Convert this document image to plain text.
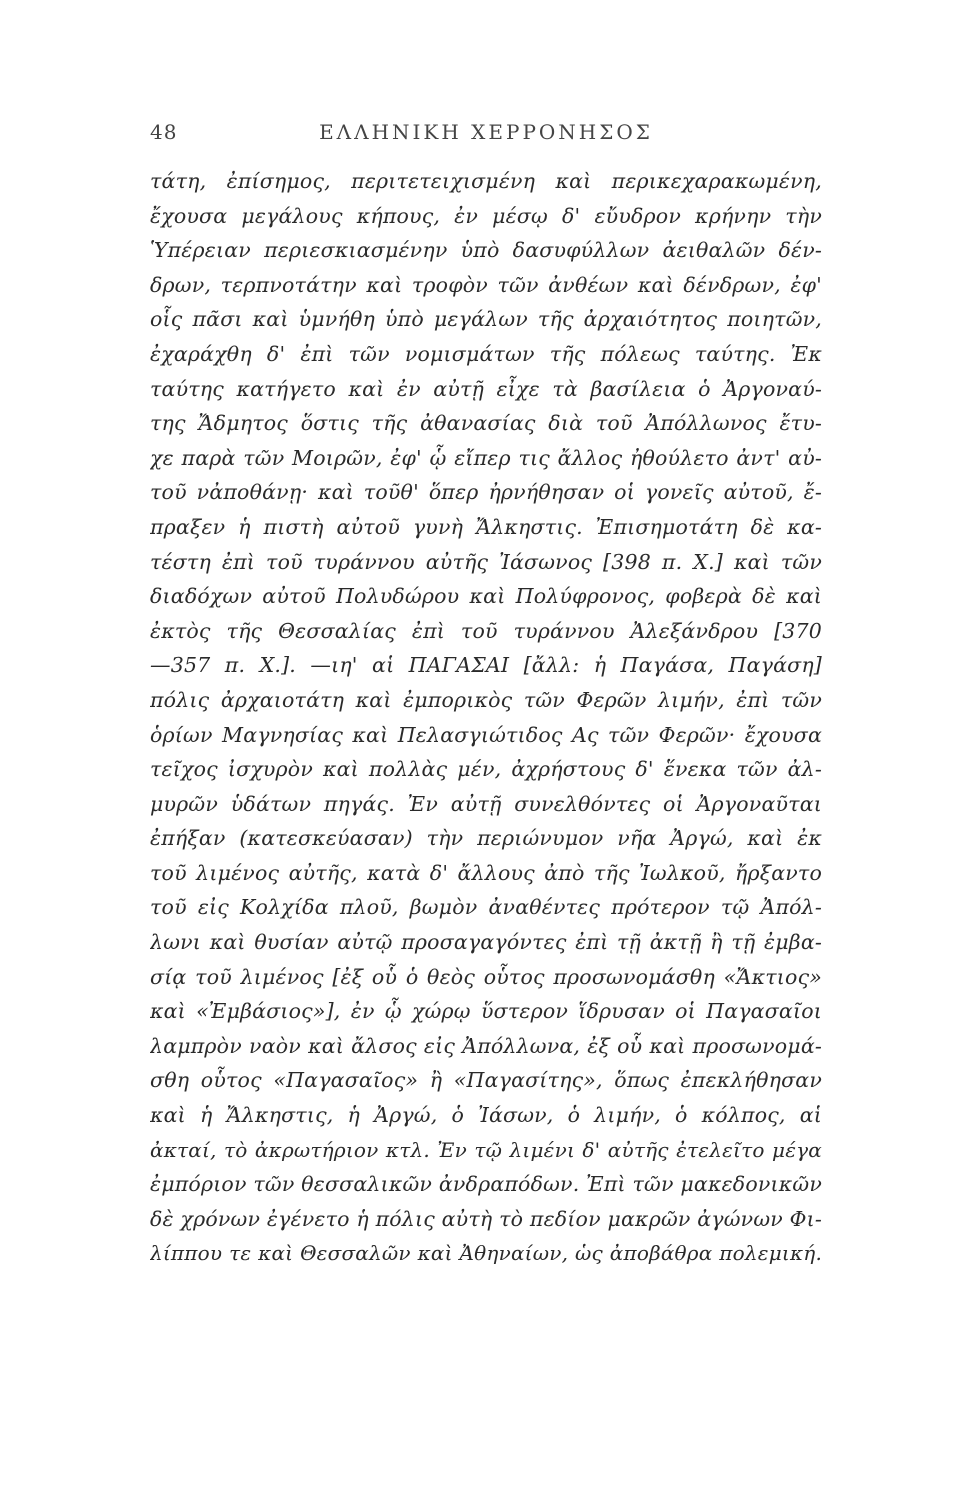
48	ΕΛΛΗΝΙΚΗ ΧΕΡΡΟΝΗΣΟΣ
τάτη, ἐπίσημος, περιτετειχισμένη καὶ περικεχαρακωμένη,
ἔχουσα μεγάλους κήπους, ἐν μέσῳ δ' εὔυδρον κρήνην τὴν
Ὑπέρειαν περιεσκιασμένην ὑπὸ δασυφύλλων ἀειθαλῶν δέν-
δρων, τερπνοτάτην καὶ τροφὸν τῶν ἀνθέων καὶ δένδρων, ἐφ'
οἷς πᾶσι καὶ ὑμνήθη ὑπὸ μεγάλων τῆς ἀρχαιότητος ποιητῶν,
ἐχαράχθη δ' ἐπὶ τῶν νομισμάτων τῆς πόλεως ταύτης. Ἐκ
ταύτης κατήγετο καὶ ἐν αὐτῇ εἶχε τὰ βασίλεια ὁ Ἀργοναύ-
της Ἄδμητος ὅστις τῆς ἀθανασίας διὰ τοῦ Ἀπόλλωνος ἔτυ-
χε παρὰ τῶν Μοιρῶν, ἐφ' ᾧ εἴπερ τις ἄλλος ἠθούλετο ἀντ' αὐ-
τοῦ νἀποθάνῃ· καὶ τοῦθ' ὅπερ ἠρνήθησαν οἱ γονεῖς αὐτοῦ, ἔ-
πραξεν ἡ πιστὴ αὐτοῦ γυνὴ Ἄλκηστις. Ἐπισημοτάτη δὲ κα-
τέστη ἐπὶ τοῦ τυράννου αὐτῆς Ἰάσωνος [398 π. Χ.] καὶ τῶν
διαδόχων αὐτοῦ Πολυδώρου καὶ Πολύφρονος, φοβερὰ δὲ καὶ
ἐκτὸς τῆς Θεσσαλίας ἐπὶ τοῦ τυράννου Ἀλεξάνδρου [370
—357 π. Χ.]. —ιη' αἱ ΠΑΓΑΣΑΙ [ἄλλ: ἡ Παγάσα, Παγάση]
πόλις ἀρχαιοτάτη καὶ ἐμπορικὸς τῶν Φερῶν λιμήν, ἐπὶ τῶν
ὁρίων Μαγνησίας καὶ Πελασγιώτιδος Ας τῶν Φερῶν· ἔχουσα
τεῖχος ἰσχυρὸν καὶ πολλὰς μέν, ἀχρήστους δ' ἕνεκα τῶν ἀλ-
μυρῶν ὑδάτων πηγάς. Ἐν αὐτῇ συνελθόντες οἱ Ἀργοναῦται
ἐπήξαν (κατεσκεύασαν) τὴν περιώνυμον νῆα Ἀργώ, καὶ ἐκ
τοῦ λιμένος αὐτῆς, κατὰ δ' ἄλλους ἀπὸ τῆς Ἰωλκοῦ, ἤρξαντο
τοῦ εἰς Κολχίδα πλοῦ, βωμὸν ἀναθέντες πρότερον τῷ Ἀπόλ-
λωνι καὶ θυσίαν αὐτῷ προσαγαγόντες ἐπὶ τῇ ἀκτῇ ἢ τῇ ἐμβα-
σίᾳ τοῦ λιμένος [ἐξ οὗ ὁ θεὸς οὗτος προσωνομάσθη «Ἄκτιος»
καὶ «Ἐμβάσιος»], ἐν ᾧ χώρῳ ὕστερον ἵδρυσαν οἱ Παγασαῖοι
λαμπρὸν ναὸν καὶ ἄλσος εἰς Ἀπόλλωνα, ἐξ οὗ καὶ προσωνομά-
σθη οὗτος «Παγασαῖος» ἢ «Παγασίτης», ὅπως ἐπεκλήθησαν
καὶ ἡ Ἄλκηστις, ἡ Ἀργώ, ὁ Ἰάσων, ὁ λιμήν, ὁ κόλπος, αἱ
ἀκταί, τὸ ἀκρωτήριον κτλ. Ἐν τῷ λιμένι δ' αὐτῆς ἐτελεῖτο μέγα
ἐμπόριον τῶν θεσσαλικῶν ἀνδραπόδων. Ἐπὶ τῶν μακεδονικῶν
δὲ χρόνων ἐγένετο ἡ πόλις αὐτὴ τὸ πεδίον μακρῶν ἀγώνων Φι-
λίππου τε καὶ Θεσσαλῶν καὶ Ἀθηναίων, ὡς ἀποβάθρα πολεμική.
